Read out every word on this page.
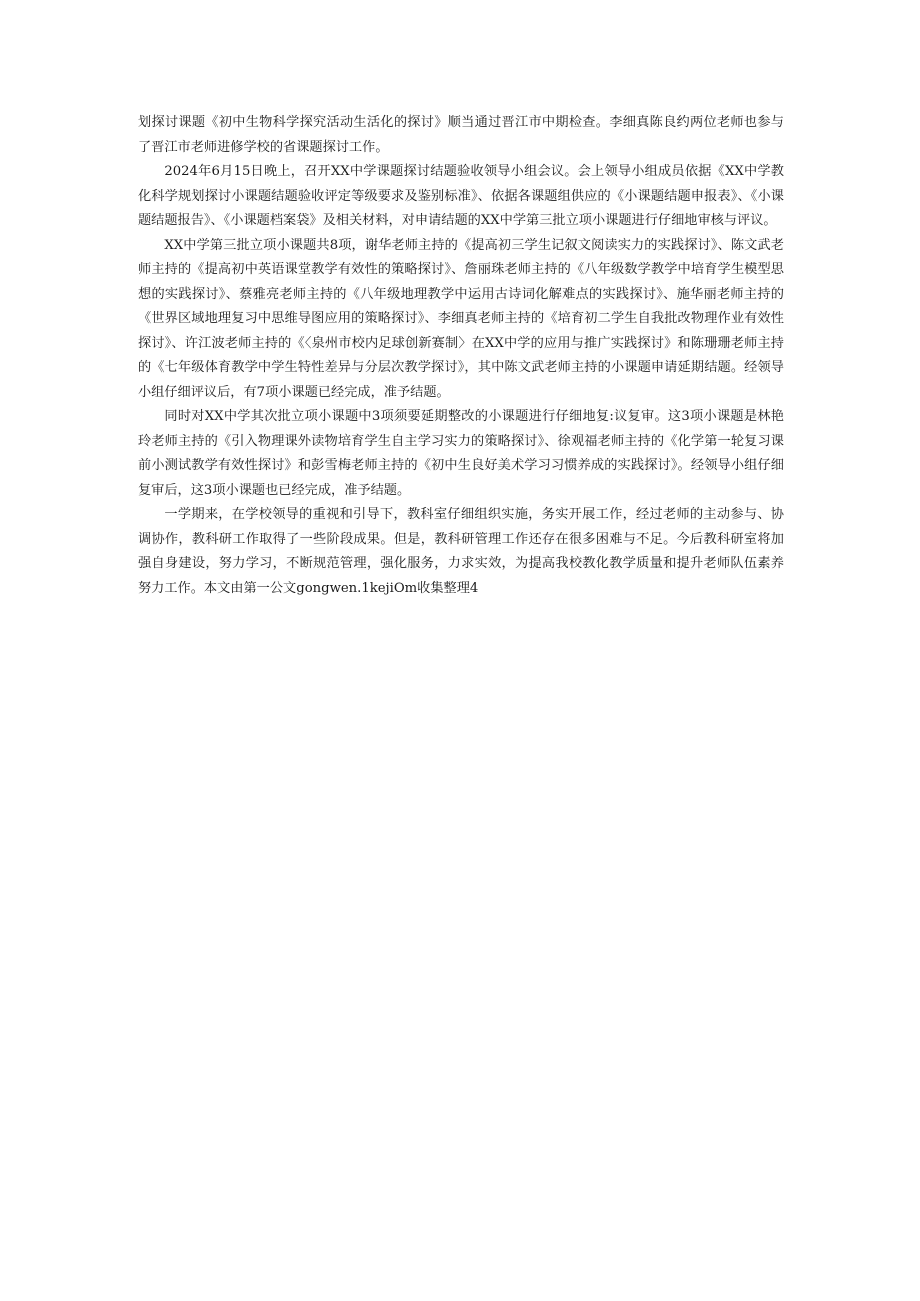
划探讨课题《初中生物科学探究活动生活化的探讨》顺当通过晋江市中期检查。李细真陈良约两位老师也参与了晋江市老师进修学校的省课题探讨工作。

2024年6月15日晚上，召开XX中学课题探讨结题验收领导小组会议。会上领导小组成员依据《XX中学教化科学规划探讨小课题结题验收评定等级要求及鉴别标准》、依据各课题组供应的《小课题结题申报表》、《小课题结题报告》、《小课题档案袋》及相关材料，对申请结题的XX中学第三批立项小课题进行仔细地审核与评议。

XX中学第三批立项小课题共8项，谢华老师主持的《提高初三学生记叙文阅读实力的实践探讨》、陈文武老师主持的《提高初中英语课堂教学有效性的策略探讨》、詹丽珠老师主持的《八年级数学教学中培育学生模型思想的实践探讨》、蔡雅亮老师主持的《八年级地理教学中运用古诗词化解难点的实践探讨》、施华丽老师主持的《世界区域地理复习中思维导图应用的策略探讨》、李细真老师主持的《培育初二学生自我批改物理作业有效性探讨》、许江波老师主持的《〈泉州市校内足球创新赛制〉在XX中学的应用与推广实践探讨》和陈珊珊老师主持的《七年级体育教学中学生特性差异与分层次教学探讨》，其中陈文武老师主持的小课题申请延期结题。经领导小组仔细评议后，有7项小课题已经完成，准予结题。

同时对XX中学其次批立项小课题中3项须要延期整改的小课题进行仔细地复:议复审。这3项小课题是林艳玲老师主持的《引入物理课外读物培育学生自主学习实力的策略探讨》、徐观福老师主持的《化学第一轮复习课前小测试教学有效性探讨》和彭雪梅老师主持的《初中生良好美术学习习惯养成的实践探讨》。经领导小组仔细复审后，这3项小课题也已经完成，准予结题。

一学期来，在学校领导的重视和引导下，教科室仔细组织实施，务实开展工作，经过老师的主动参与、协调协作，教科研工作取得了一些阶段成果。但是，教科研管理工作还存在很多困难与不足。今后教科研室将加强自身建设，努力学习，不断规范管理，强化服务，力求实效，为提高我校教化教学质量和提升老师队伍素养努力工作。本文由第一公文gongwen.1kejiOm收集整理4
